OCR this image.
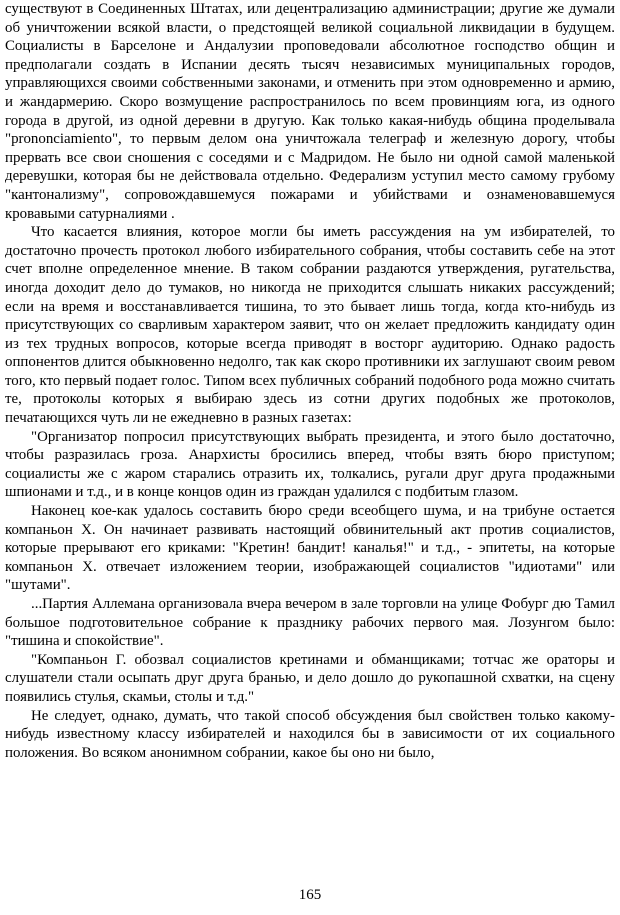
существуют в Соединенных Штатах, или децентрализацию администрации; другие же думали об уничтожении всякой власти, о предстоящей великой социальной ликвидации в будущем. Социалисты в Барселоне и Андалузии проповедовали абсолютное господство общин и предполагали создать в Испании десять тысяч независимых муниципальных городов, управляющихся своими собственными законами, и отменить при этом одновременно и армию, и жандармерию. Скоро возмущение распространилось по всем провинциям юга, из одного города в другой, из одной деревни в другую. Как только какая-нибудь община проделывала "prononciamiento", то первым делом она уничтожала телеграф и железную дорогу, чтобы прервать все свои сношения с соседями и с Мадридом. Не было ни одной самой маленькой деревушки, которая бы не действовала отдельно. Федерализм уступил место самому грубому "кантонализму", сопровождавшемуся пожарами и убийствами и ознаменовавшемуся кровавыми сатурналиями .

Что касается влияния, которое могли бы иметь рассуждения на ум избирателей, то достаточно прочесть протокол любого избирательного собрания, чтобы составить себе на этот счет вполне определенное мнение. В таком собрании раздаются утверждения, ругательства, иногда доходит дело до тумаков, но никогда не приходится слышать никаких рассуждений; если на время и восстанавливается тишина, то это бывает лишь тогда, когда кто-нибудь из присутствующих со сварливым характером заявит, что он желает предложить кандидату один из тех трудных вопросов, которые всегда приводят в восторг аудиторию. Однако радость оппонентов длится обыкновенно недолго, так как скоро противники их заглушают своим ревом того, кто первый подает голос. Типом всех публичных собраний подобного рода можно считать те, протоколы которых я выбираю здесь из сотни других подобных же протоколов, печатающихся чуть ли не ежедневно в разных газетах:

"Организатор попросил присутствующих выбрать президента, и этого было достаточно, чтобы разразилась гроза. Анархисты бросились вперед, чтобы взять бюро приступом; социалисты же с жаром старались отразить их, толкались, ругали друг друга продажными шпионами и т.д., и в конце концов один из граждан удалился с подбитым глазом.

Наконец кое-как удалось составить бюро среди всеобщего шума, и на трибуне остается компаньон X. Он начинает развивать настоящий обвинительный акт против социалистов, которые прерывают его криками: "Кретин! бандит! каналья!" и т.д., - эпитеты, на которые компаньон X. отвечает изложением теории, изображающей социалистов "идиотами" или "шутами".

...Партия Аллемана организовала вчера вечером в зале торговли на улице Фобург дю Тамил большое подготовительное собрание к празднику рабочих первого мая. Лозунгом было: "тишина и спокойствие".

"Компаньон Г. обозвал социалистов кретинами и обманщиками; тотчас же ораторы и слушатели стали осыпать друг друга бранью, и дело дошло до рукопашной схватки, на сцену появились стулья, скамьи, столы и т.д."

Не следует, однако, думать, что такой способ обсуждения был свойствен только какому-нибудь известному классу избирателей и находился бы в зависимости от их социального положения. Во всяком анонимном собрании, какое бы оно ни было,

165
